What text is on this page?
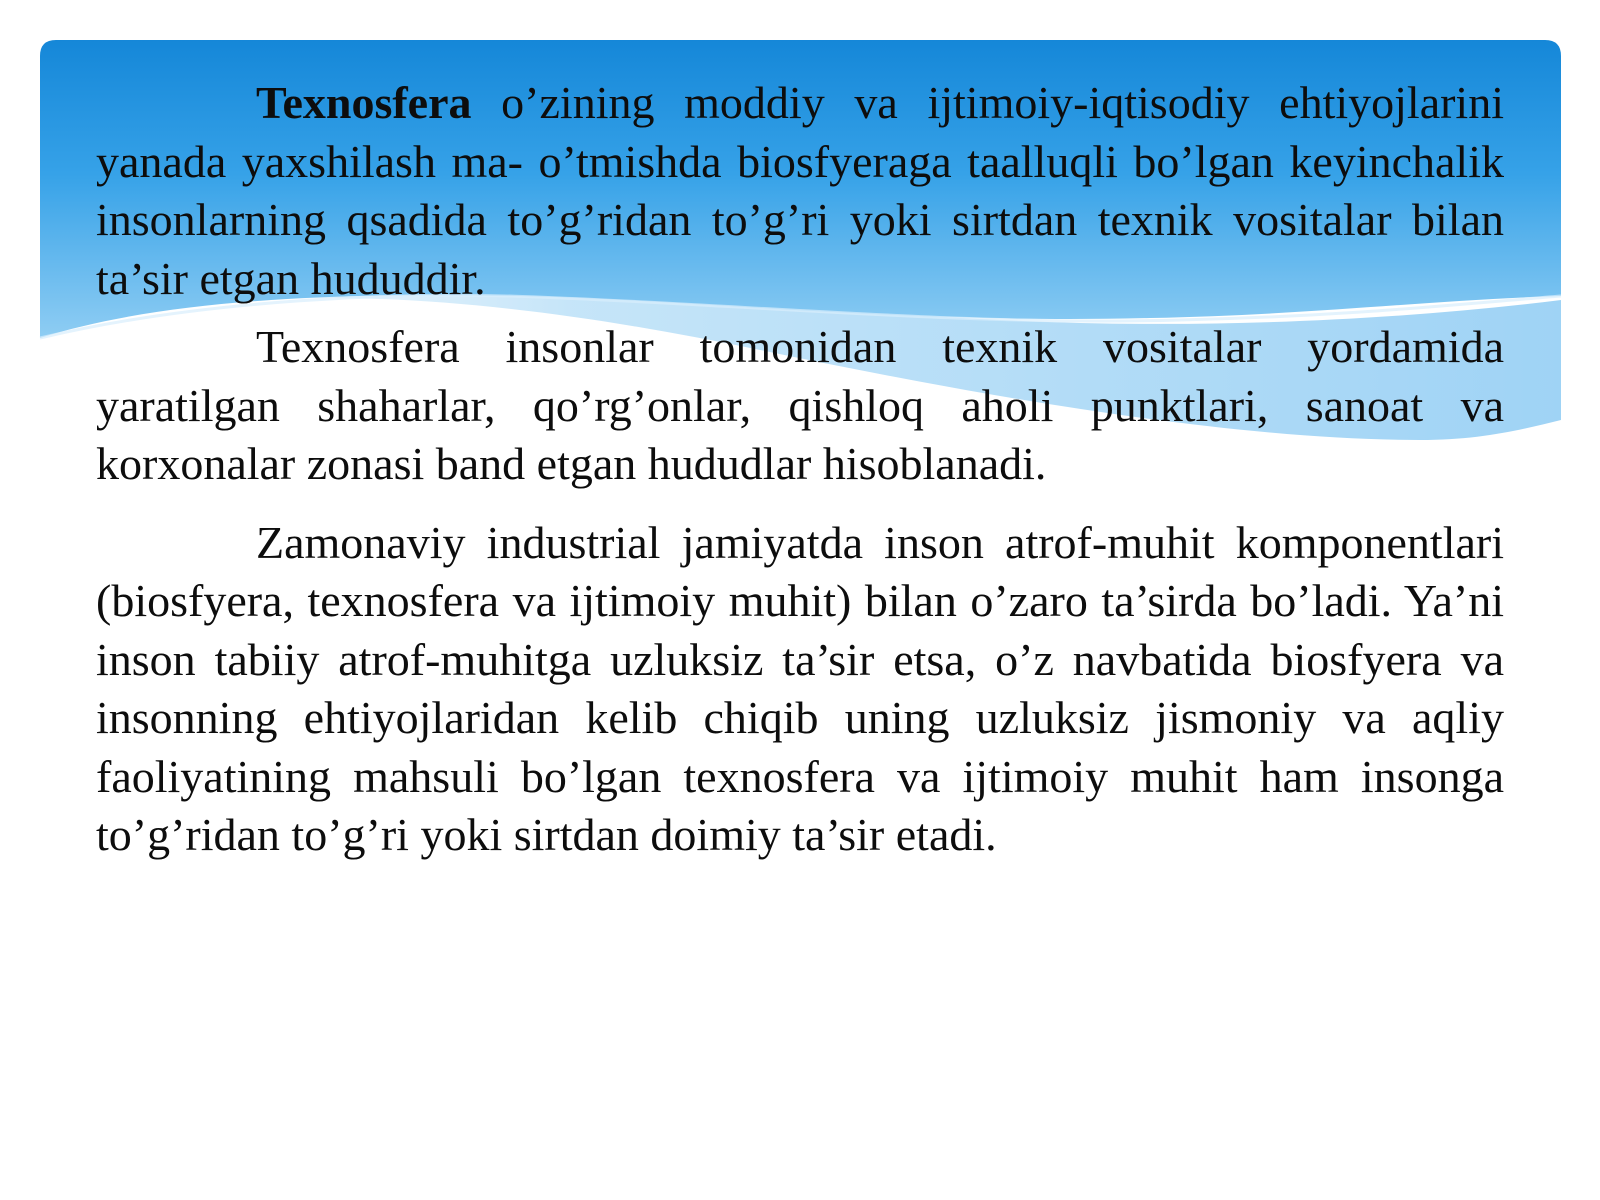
Texnosfera o’zining moddiy va ijtimoiy-iqtisodiy ehtiyojlarini yanada yaxshilash ma- o’tmishda biosfyeraga taalluqli bo’lgan keyinchalik insonlarning qsadida to’g’ridan to’g’ri yoki sirtdan texnik vositalar bilan ta’sir etgan hududdir.

Texnosfera insonlar tomonidan texnik vositalar yordamida yaratilgan shaharlar, qo’rg’onlar, qishloq aholi punktlari, sanoat va korxonalar zonasi band etgan hududlar hisoblanadi.

Zamonaviy industrial jamiyatda inson atrof-muhit komponentlari (biosfyera, texnosfera va ijtimoiy muhit) bilan o’zaro ta’sirda bo’ladi. Ya’ni inson tabiiy atrof-muhitga uzluksiz ta’sir etsa, o’z navbatida biosfyera va insonning ehtiyojlaridan kelib chiqib uning uzluksiz jismoniy va aqliy faoliyatining mahsuli bo’lgan texnosfera va ijtimoiy muhit ham insonga to’g’ridan to’g’ri yoki sirtdan doimiy ta’sir etadi.
